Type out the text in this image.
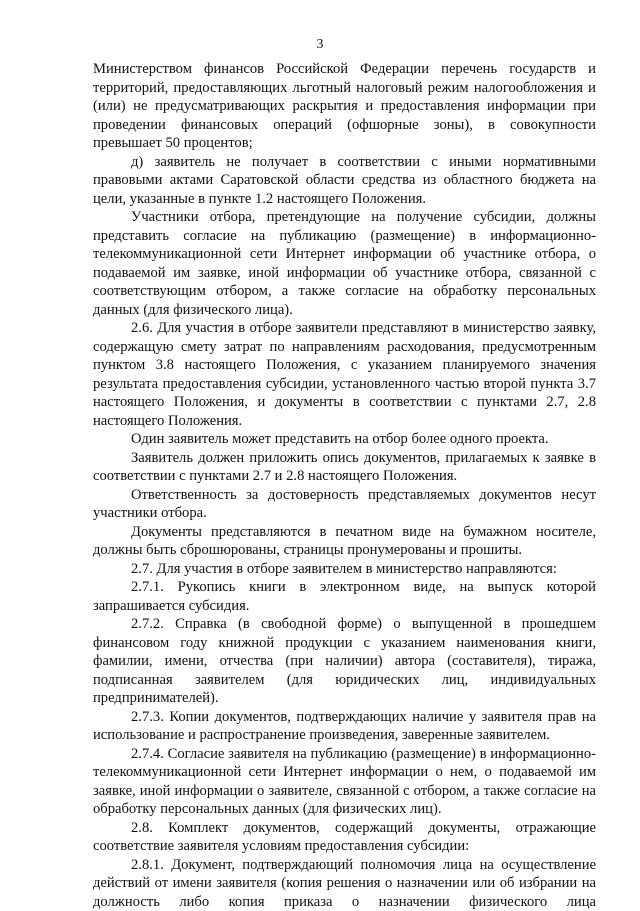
3

Министерством финансов Российской Федерации перечень государств и территорий, предоставляющих льготный налоговый режим налогообложения и (или) не предусматривающих раскрытия и предоставления информации при проведении финансовых операций (офшорные зоны), в совокупности превышает 50 процентов;

д) заявитель не получает в соответствии с иными нормативными правовыми актами Саратовской области средства из областного бюджета на цели, указанные в пункте 1.2 настоящего Положения.

Участники отбора, претендующие на получение субсидии, должны представить согласие на публикацию (размещение) в информационно-телекоммуникационной сети Интернет информации об участнике отбора, о подаваемой им заявке, иной информации об участнике отбора, связанной с соответствующим отбором, а также согласие на обработку персональных данных (для физического лица).

2.6. Для участия в отборе заявители представляют в министерство заявку, содержащую смету затрат по направлениям расходования, предусмотренным пунктом 3.8 настоящего Положения, с указанием планируемого значения результата предоставления субсидии, установленного частью второй пункта 3.7 настоящего Положения, и документы в соответствии с пунктами 2.7, 2.8 настоящего Положения.

Один заявитель может представить на отбор более одного проекта.

Заявитель должен приложить опись документов, прилагаемых к заявке в соответствии с пунктами 2.7 и 2.8 настоящего Положения.

Ответственность за достоверность представляемых документов несут участники отбора.

Документы представляются в печатном виде на бумажном носителе, должны быть сброшюрованы, страницы пронумерованы и прошиты.

2.7. Для участия в отборе заявителем в министерство направляются:

2.7.1. Рукопись книги в электронном виде, на выпуск которой запрашивается субсидия.

2.7.2. Справка (в свободной форме) о выпущенной в прошедшем финансовом году книжной продукции с указанием наименования книги, фамилии, имени, отчества (при наличии) автора (составителя), тиража, подписанная заявителем (для юридических лиц, индивидуальных предпринимателей).

2.7.3. Копии документов, подтверждающих наличие у заявителя прав на использование и распространение произведения, заверенные заявителем.

2.7.4. Согласие заявителя на публикацию (размещение) в информационно-телекоммуникационной сети Интернет информации о нем, о подаваемой им заявке, иной информации о заявителе, связанной с отбором, а также согласие на обработку персональных данных (для физических лиц).

2.8. Комплект документов, содержащий документы, отражающие соответствие заявителя условиям предоставления субсидии:

2.8.1. Документ, подтверждающий полномочия лица на осуществление действий от имени заявителя (копия решения о назначении или об избрании на должность либо копия приказа о назначении физического лица
